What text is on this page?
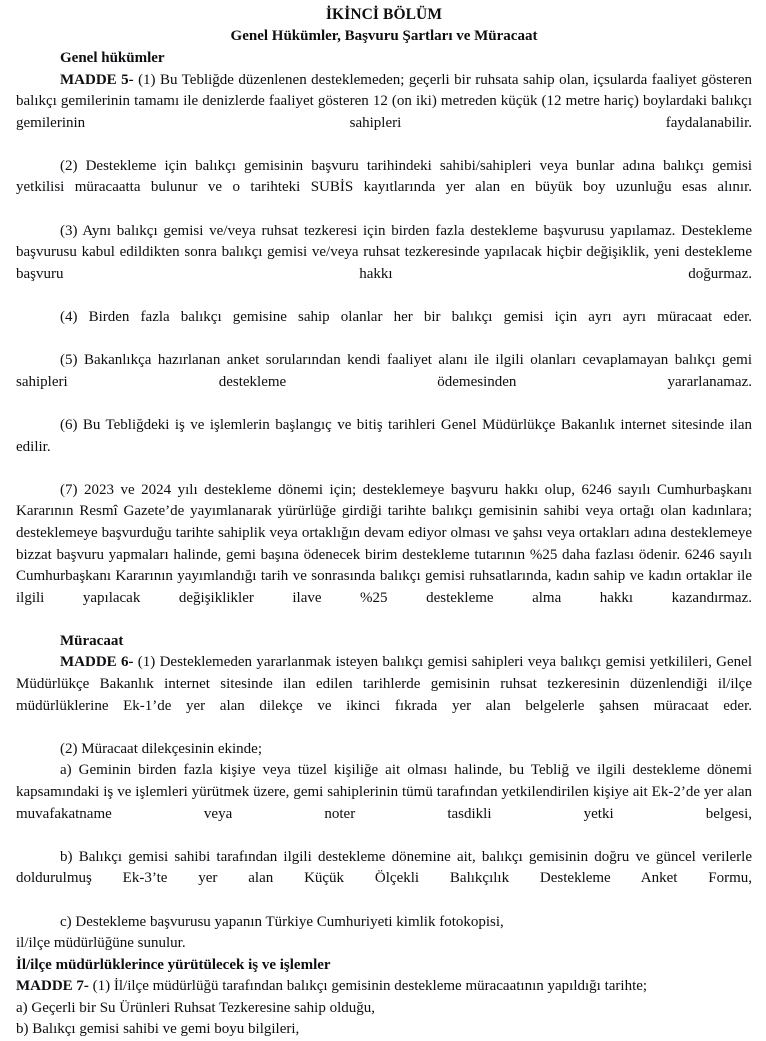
İKİNCİ BÖLÜM
Genel Hükümler, Başvuru Şartları ve Müracaat
Genel hükümler

MADDE 5- (1) Bu Tebliğde düzenlenen desteklemeden; geçerli bir ruhsata sahip olan, içsularda faaliyet gösteren balıkçı gemilerinin tamamı ile denizlerde faaliyet gösteren 12 (on iki) metreden küçük (12 metre hariç) boylardaki balıkçı gemilerinin sahipleri faydalanabilir.

(2) Destekleme için balıkçı gemisinin başvuru tarihindeki sahibi/sahipleri veya bunlar adına balıkçı gemisi yetkilisi müracaatta bulunur ve o tarihteki SUBİS kayıtlarında yer alan en büyük boy uzunluğu esas alınır.

(3) Aynı balıkçı gemisi ve/veya ruhsat tezkeresi için birden fazla destekleme başvurusu yapılamaz. Destekleme başvurusu kabul edildikten sonra balıkçı gemisi ve/veya ruhsat tezkeresinde yapılacak hiçbir değişiklik, yeni destekleme başvuru hakkı doğurmaz.

(4) Birden fazla balıkçı gemisine sahip olanlar her bir balıkçı gemisi için ayrı ayrı müracaat eder.

(5) Bakanlıkça hazırlanan anket sorularından kendi faaliyet alanı ile ilgili olanları cevaplamayan balıkçı gemi sahipleri destekleme ödemesinden yararlanamaz.

(6) Bu Tebliğdeki iş ve işlemlerin başlangıç ve bitiş tarihleri Genel Müdürlükçe Bakanlık internet sitesinde ilan edilir.

(7) 2023 ve 2024 yılı destekleme dönemi için; desteklemeye başvuru hakkı olup, 6246 sayılı Cumhurbaşkanı Kararının Resmî Gazete’de yayımlanarak yürürlüğe girdiği tarihte balıkçı gemisinin sahibi veya ortağı olan kadınlara; desteklemeye başvurduğu tarihte sahiplik veya ortaklığın devam ediyor olması ve şahsı veya ortakları adına desteklemeye bizzat başvuru yapmaları halinde, gemi başına ödenecek birim destekleme tutarının %25 daha fazlası ödenir. 6246 sayılı Cumhurbaşkanı Kararının yayımlandığı tarih ve sonrasında balıkçı gemisi ruhsatlarında, kadın sahip ve kadın ortaklar ile ilgili yapılacak değişiklikler ilave %25 destekleme alma hakkı kazandırmaz.

Müracaat

MADDE 6- (1) Desteklemeden yararlanmak isteyen balıkçı gemisi sahipleri veya balıkçı gemisi yetkilileri, Genel Müdürlükçe Bakanlık internet sitesinde ilan edilen tarihlerde gemisinin ruhsat tezkeresinin düzenlendiği il/ilçe müdürlüklerine Ek-1’de yer alan dilekçe ve ikinci fıkrada yer alan belgelerle şahsen müracaat eder.

(2) Müracaat dilekçesinin ekinde;

a) Geminin birden fazla kişiye veya tüzel kişiliğe ait olması halinde, bu Tebliğ ve ilgili destekleme dönemi kapsamındaki iş ve işlemleri yürütmek üzere, gemi sahiplerinin tümü tarafından yetkilendirilen kişiye ait Ek-2’de yer alan muvafakatname veya noter tasdikli yetki belgesi,

b) Balıkçı gemisi sahibi tarafından ilgili destekleme dönemine ait, balıkçı gemisinin doğru ve güncel verilerle doldurulmuş Ek-3’te yer alan Küçük Ölçekli Balıkçılık Destekleme Anket Formu,

c) Destekleme başvurusu yapanın Türkiye Cumhuriyeti kimlik fotokopisi,
il/ilçe müdürlüğüne sunulur.
İl/ilçe müdürlüklerince yürütülecek iş ve işlemler
MADDE 7- (1) İl/ilçe müdürlüğü tarafından balıkçı gemisinin destekleme müracaatının yapıldığı tarihte;
a) Geçerli bir Su Ürünleri Ruhsat Tezkeresine sahip olduğu,
b) Balıkçı gemisi sahibi ve gemi boyu bilgileri,
